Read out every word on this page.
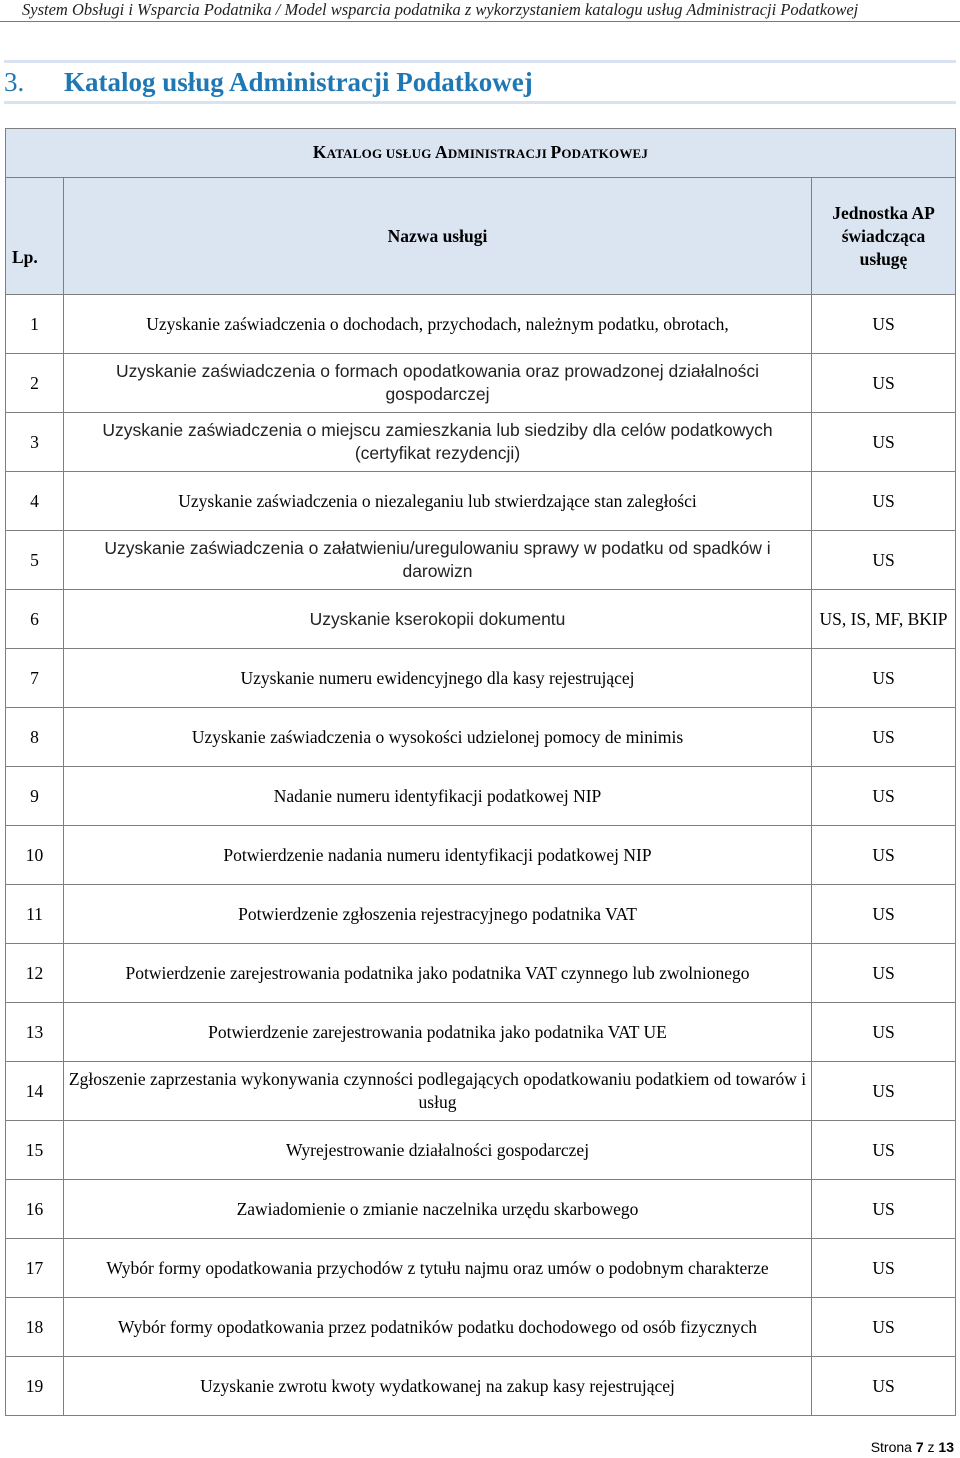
System Obsługi i Wsparcia Podatnika / Model wsparcia podatnika z wykorzystaniem katalogu usług Administracji Podatkowej
3. Katalog usług Administracji Podatkowej
KATALOG USŁUG ADMINISTRACJI PODATKOWEJ		
Lp.	Nazwa usługi	Jednostka AP świadcząca usługę
1	Uzyskanie zaświadczenia o dochodach, przychodach, należnym podatku, obrotach,	US
2	Uzyskanie zaświadczenia o formach opodatkowania oraz prowadzonej działalności gospodarczej	US
3	Uzyskanie zaświadczenia o miejscu zamieszkania lub siedziby dla celów podatkowych (certyfikat rezydencji)	US
4	Uzyskanie zaświadczenia o niezaleganiu lub stwierdzające stan zaległości	US
5	Uzyskanie zaświadczenia o załatwieniu/uregulowaniu sprawy w podatku od spadków i darowizn	US
6	Uzyskanie kserokopii dokumentu	US, IS, MF, BKIP
7	Uzyskanie numeru ewidencyjnego dla kasy rejestrującej	US
8	Uzyskanie zaświadczenia o wysokości udzielonej pomocy de minimis	US
9	Nadanie numeru identyfikacji podatkowej NIP	US
10	Potwierdzenie nadania numeru identyfikacji podatkowej NIP	US
11	Potwierdzenie zgłoszenia rejestracyjnego podatnika VAT	US
12	Potwierdzenie zarejestrowania podatnika jako podatnika VAT czynnego lub zwolnionego	US
13	Potwierdzenie zarejestrowania podatnika jako podatnika VAT UE	US
14	Zgłoszenie zaprzestania wykonywania czynności podlegających opodatkowaniu podatkiem od towarów i usług	US
15	Wyrejestrowanie działalności gospodarczej	US
16	Zawiadomienie o zmianie naczelnika urzędu skarbowego	US
17	Wybór formy opodatkowania przychodów z tytułu najmu oraz umów o podobnym charakterze	US
18	Wybór formy opodatkowania przez podatników podatku dochodowego od osób fizycznych	US
19	Uzyskanie zwrotu kwoty wydatkowanej na zakup kasy rejestrującej	US
Strona 7 z 13
